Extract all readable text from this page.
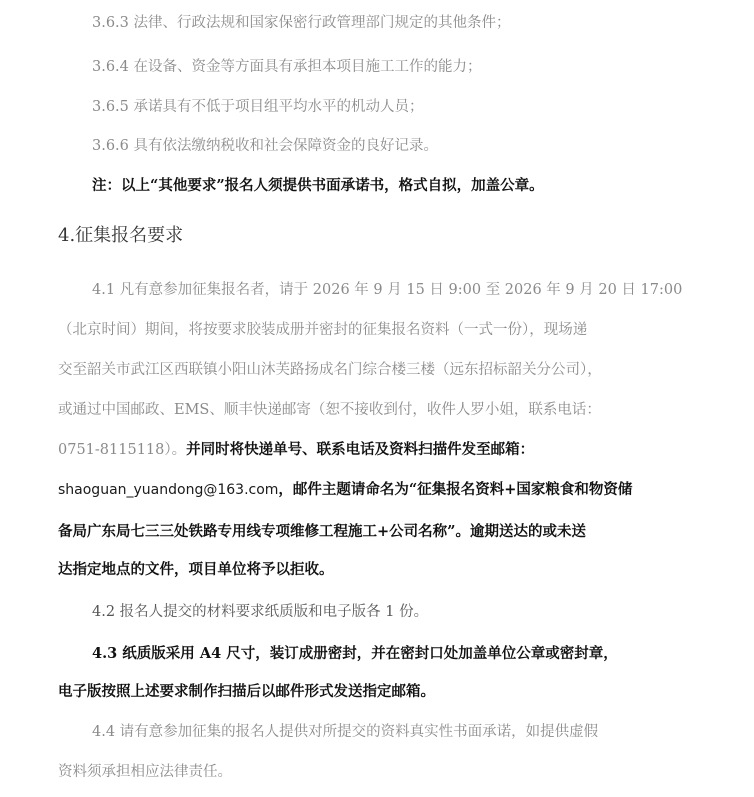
3.6.3 法律、行政法规和国家保密行政管理部门规定的其他条件；
3.6.4 在设备、资金等方面具有承担本项目施工工作的能力；
3.6.5 承诺具有不低于项目组平均水平的机动人员；
3.6.6 具有依法缴纳税收和社会保障资金的良好记录。
注：以上“其他要求”报名人须提供书面承诺书，格式自拟，加盖公章。
4.征集报名要求
4.1 凡有意参加征集报名者，请于 2026 年 9 月 15 日 9:00 至 2026 年 9 月 20 日 17:00
（北京时间）期间，将按要求胶装成册并密封的征集报名资料（一式一份），现场递
交至韶关市武江区西联镇小阳山沐芙路扬成名门综合楼三楼（远东招标韶关分公司），
或通过中国邮政、EMS、顺丰快递邮寄（恕不接收到付，收件人罗小姐，联系电话：
0751-8115118）。并同时将快递单号、联系电话及资料扫描件发至邮箱：
shaoguan_yuandong@163.com，邮件主题请命名为“征集报名资料+国家粮食和物资储
备局广东局七三三处铁路专用线专项维修工程施工+公司名称”。逾期送达的或未送
达指定地点的文件，项目单位将予以拒收。
4.2 报名人提交的材料要求纸质版和电子版各 1 份。
4.3 纸质版采用 A4 尺寸，装订成册密封，并在密封口处加盖单位公章或密封章，
电子版按照上述要求制作扫描后以邮件形式发送指定邮箱。
4.4 请有意参加征集的报名人提供对所提交的资料真实性书面承诺，如提供虚假
资料须承担相应法律责任。
